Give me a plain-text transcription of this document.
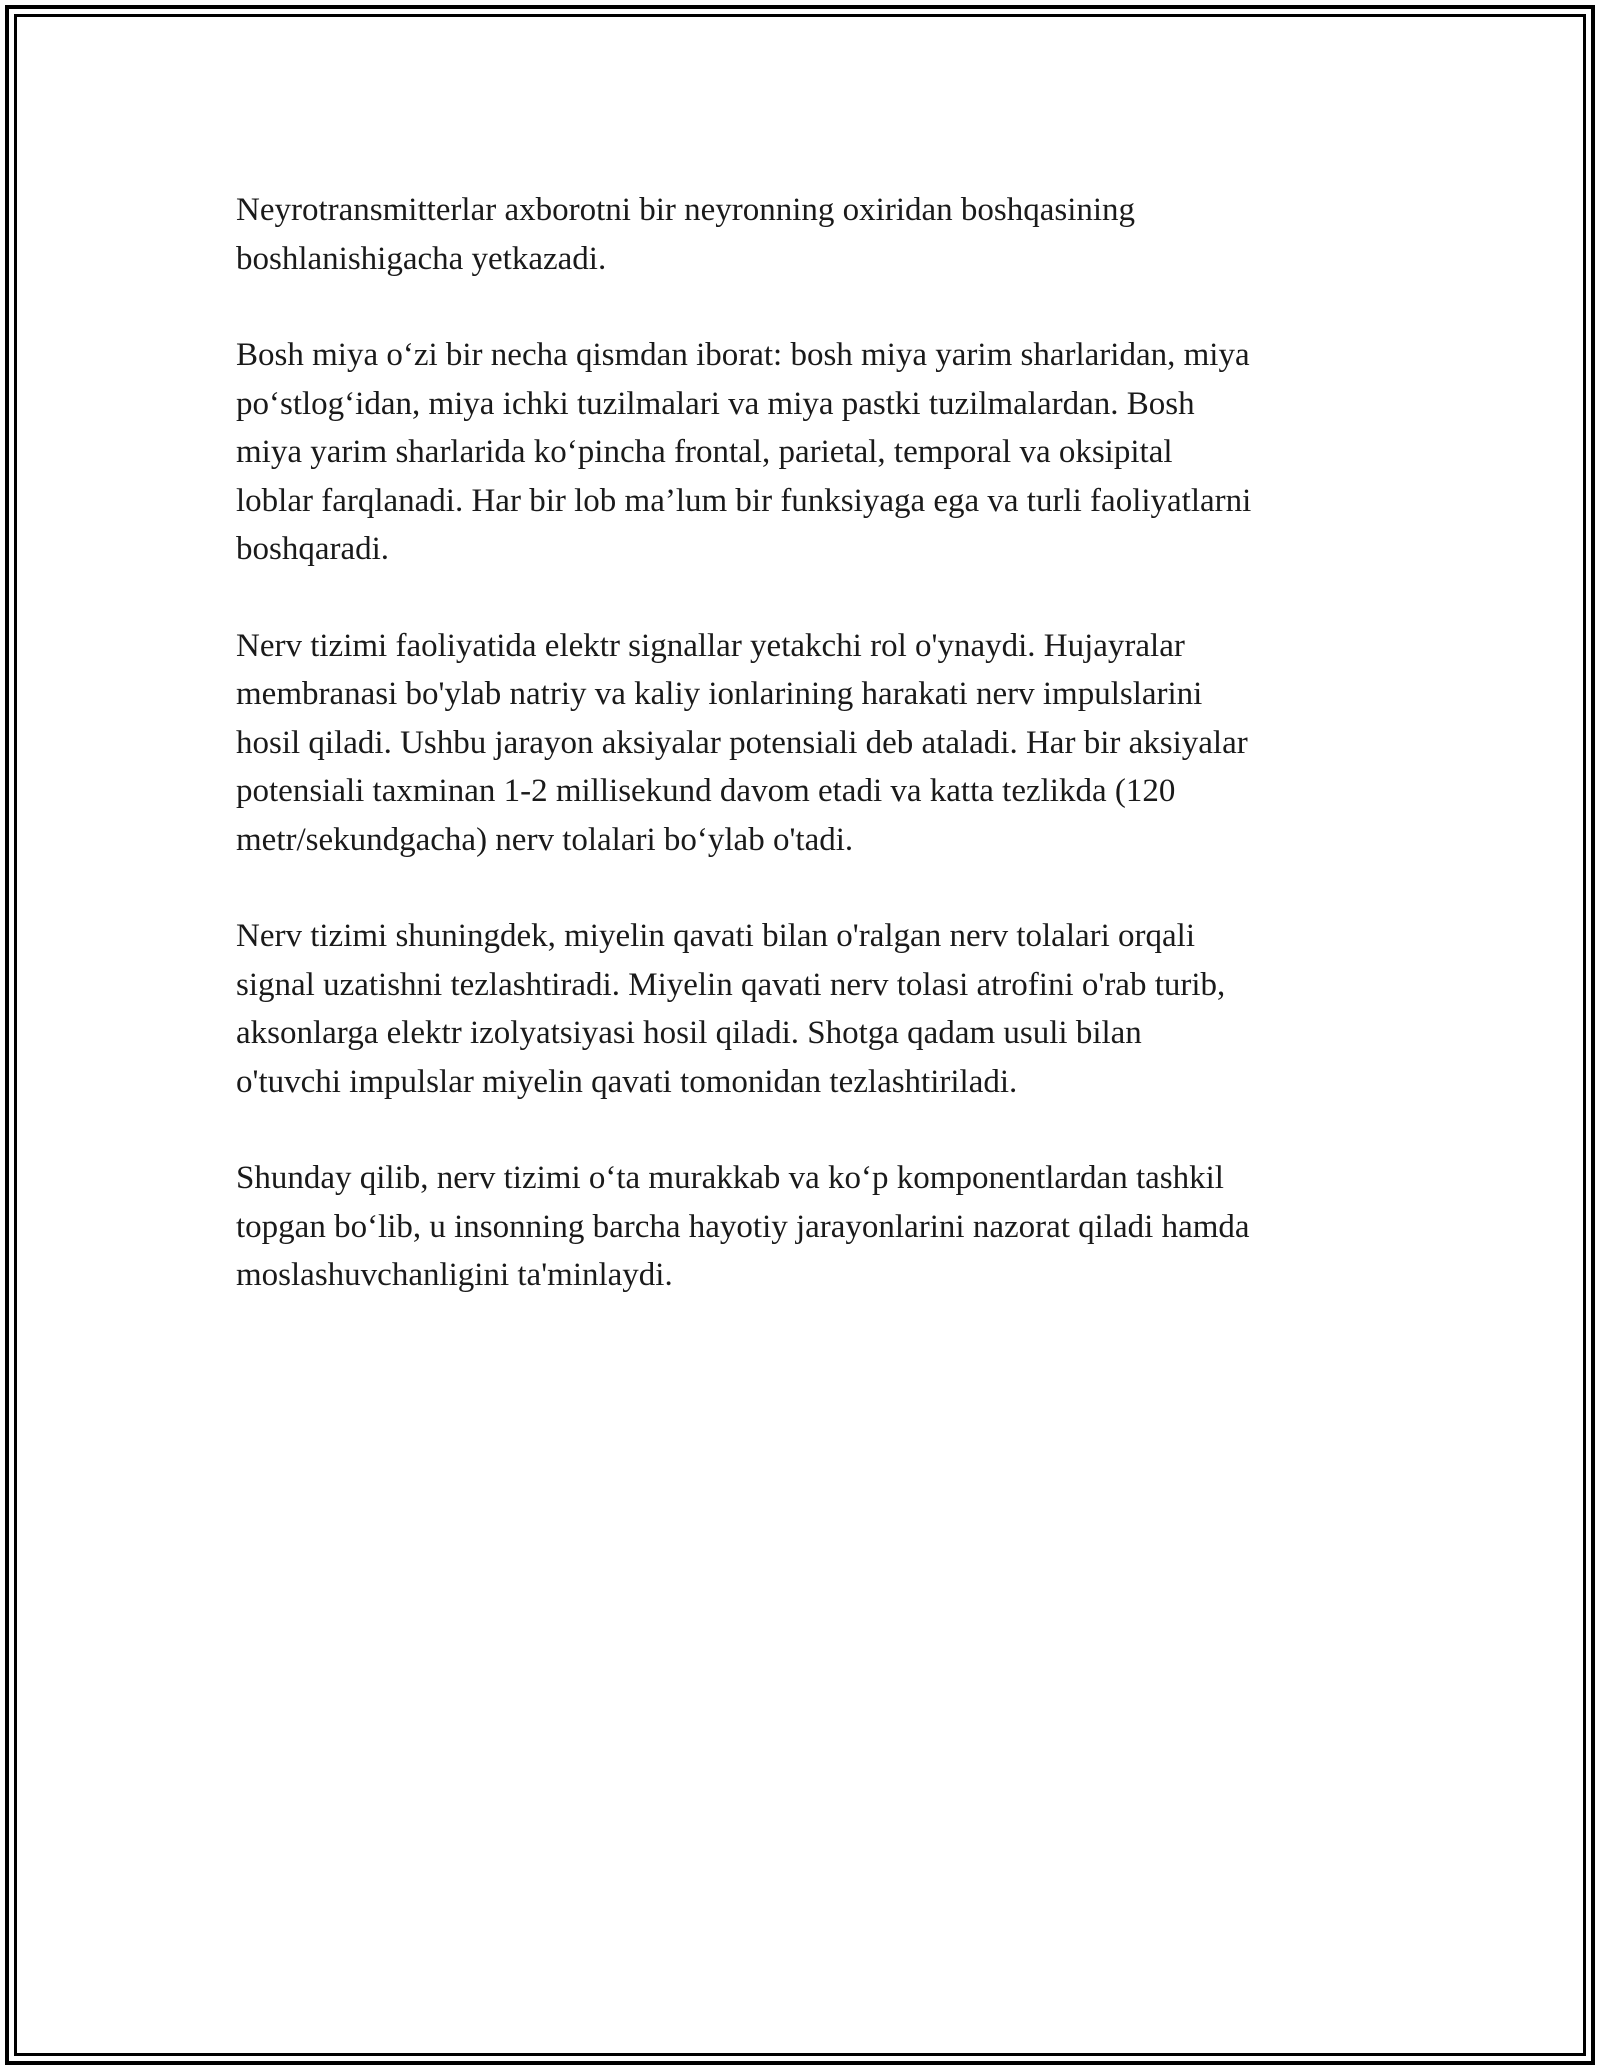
Neyrotransmitterlar axborotni bir neyronning oxiridan boshqasining
boshlanishigacha yetkazadi.

Bosh miya o‘zi bir necha qismdan iborat: bosh miya yarim sharlaridan, miya
po‘stlog‘idan, miya ichki tuzilmalari va miya pastki tuzilmalardan. Bosh
miya yarim sharlarida ko‘pincha frontal, parietal, temporal va oksipital
loblar farqlanadi. Har bir lob ma’lum bir funksiyaga ega va turli faoliyatlarni
boshqaradi.

Nerv tizimi faoliyatida elektr signallar yetakchi rol o'ynaydi. Hujayralar
membranasi bo'ylab natriy va kaliy ionlarining harakati nerv impulslarini
hosil qiladi. Ushbu jarayon aksiyalar potensiali deb ataladi. Har bir aksiyalar
potensiali taxminan 1-2 millisekund davom etadi va katta tezlikda (120
metr/sekundgacha) nerv tolalari bo‘ylab o'tadi.

Nerv tizimi shuningdek, miyelin qavati bilan o'ralgan nerv tolalari orqali
signal uzatishni tezlashtiradi. Miyelin qavati nerv tolasi atrofini o'rab turib,
aksonlarga elektr izolyatsiyasi hosil qiladi. Shotga qadam usuli bilan
o'tuvchi impulslar miyelin qavati tomonidan tezlashtiriladi.

Shunday qilib, nerv tizimi o‘ta murakkab va ko‘p komponentlardan tashkil
topgan bo‘lib, u insonning barcha hayotiy jarayonlarini nazorat qiladi hamda
moslashuvchanligini ta'minlaydi.
